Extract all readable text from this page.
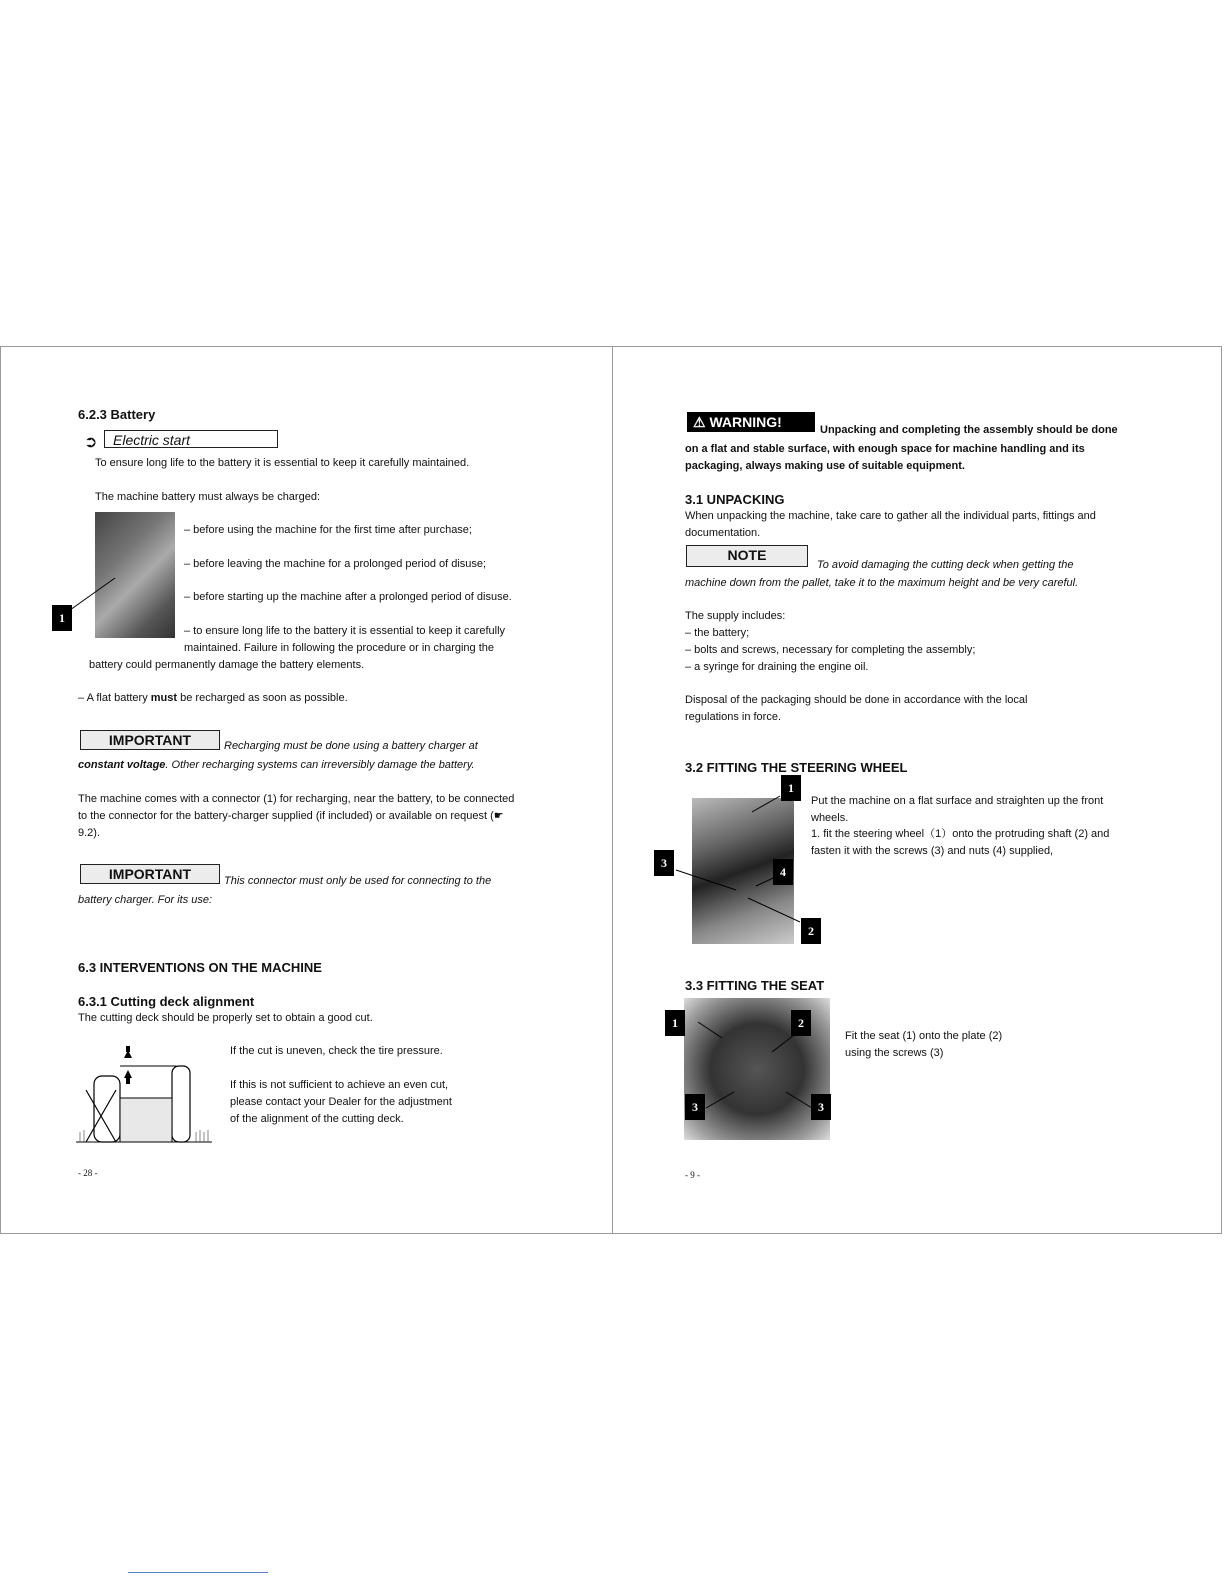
6.2.3 Battery
➲	Electric start
To ensure long life to the battery it is essential to keep it carefully maintained.
The machine battery must always be charged:
1
– before using the machine for the first time after purchase;
– before leaving the machine for a prolonged period of disuse;
– before starting up the machine after a prolonged period of disuse.
– to ensure long life to the battery it is essential to keep it carefully
maintained. Failure in following the procedure or in charging the
battery could permanently damage the battery elements.
– A flat battery must be recharged as soon as possible.
IMPORTANT	Recharging must be done using a battery charger at
constant voltage. Other recharging systems can irreversibly damage the battery.
The machine comes with a connector (1) for recharging, near the battery, to be connected
to the connector for the battery-charger supplied (if included) or available on request (☛
9.2).
IMPORTANT	This connector must only be used for connecting to the
battery charger. For its use:
6.3 INTERVENTIONS ON THE MACHINE
6.3.1 Cutting deck alignment
The cutting deck should be properly set to obtain a good cut.
If the cut is uneven, check the tire pressure.
If this is not sufficient to achieve an even cut,
please contact your Dealer for the adjustment
of the alignment of the cutting deck.
- 28 -
⚠ WARNING!	Unpacking and completing the assembly should be done
on a flat and stable surface, with enough space for machine handling and its
packaging, always making use of suitable equipment.
3.1 UNPACKING
When unpacking the machine, take care to gather all the individual parts, fittings and
documentation.
NOTE
To avoid damaging the cutting deck when getting the
machine down from the pallet, take it to the maximum height and be very careful.
The supply includes:
– the battery;
– bolts and screws, necessary for completing the assembly;
– a syringe for draining the engine oil.
Disposal of the packaging should be done in accordance with the local
regulations in force.
3.2 FITTING THE STEERING WHEEL
1
3
4
2
Put the machine on a flat surface and straighten up the front
wheels.
1. fit the steering wheel（1）onto the protruding shaft (2) and
fasten it with the screws (3) and nuts (4) supplied,
3.3 FITTING THE SEAT
1	2
3	3
Fit the seat (1) onto the plate (2)
using the screws (3)
- 9 -
